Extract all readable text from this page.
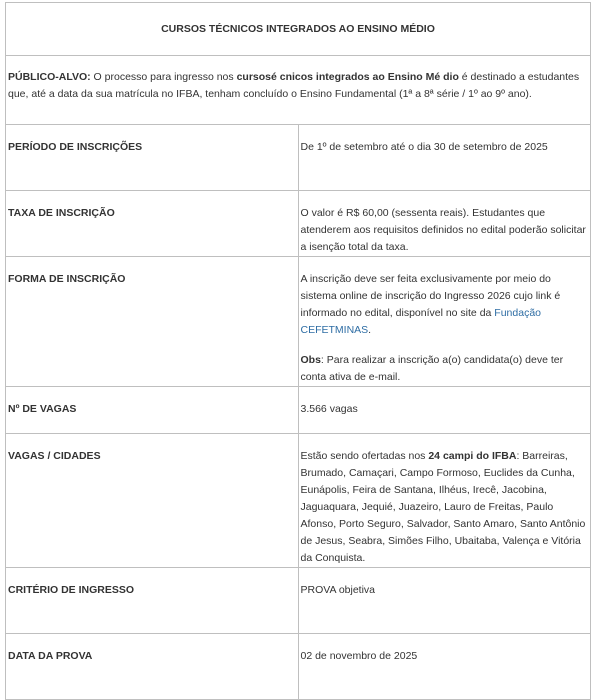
CURSOS TÉCNICOS INTEGRADOS AO ENSINO MÉDIO	
PÚBLICO-ALVO: O processo para ingresso nos cursosé cnicos integrados ao Ensino Mé dio é destinado a estudantes que, até a data da sua matrícula no IFBA, tenham concluído o Ensino Fundamental (1ª a 8ª série / 1º ao 9º ano).	
PERÍODO DE INSCRIÇÕES	De 1º de setembro até o dia 30 de setembro de 2025
TAXA DE INSCRIÇÃO	O valor é R$ 60,00 (sessenta reais). Estudantes que atenderem aos requisitos definidos no edital poderão solicitar a isenção total da taxa.
FORMA DE INSCRIÇÃO	A inscrição deve ser feita exclusivamente por meio do sistema online de inscrição do Ingresso 2026 cujo link é informado no edital, disponível no site da Fundação CEFETMINAS.
Obs: Para realizar a inscrição a(o) candidata(o) deve ter conta ativa de e-mail.
Nº DE VAGAS	3.566 vagas
VAGAS / CIDADES	Estão sendo ofertadas nos 24 campi do IFBA: Barreiras, Brumado, Camaçari, Campo Formoso, Euclides da Cunha, Eunápolis, Feira de Santana, Ilhéus, Irecê, Jacobina, Jaguaquara, Jequié, Juazeiro, Lauro de Freitas, Paulo Afonso, Porto Seguro, Salvador, Santo Amaro, Santo Antônio de Jesus, Seabra, Simões Filho, Ubaitaba, Valença e Vitória da Conquista.
CRITÉRIO DE INGRESSO	PROVA objetiva
DATA DA PROVA	02 de novembro de 2025
